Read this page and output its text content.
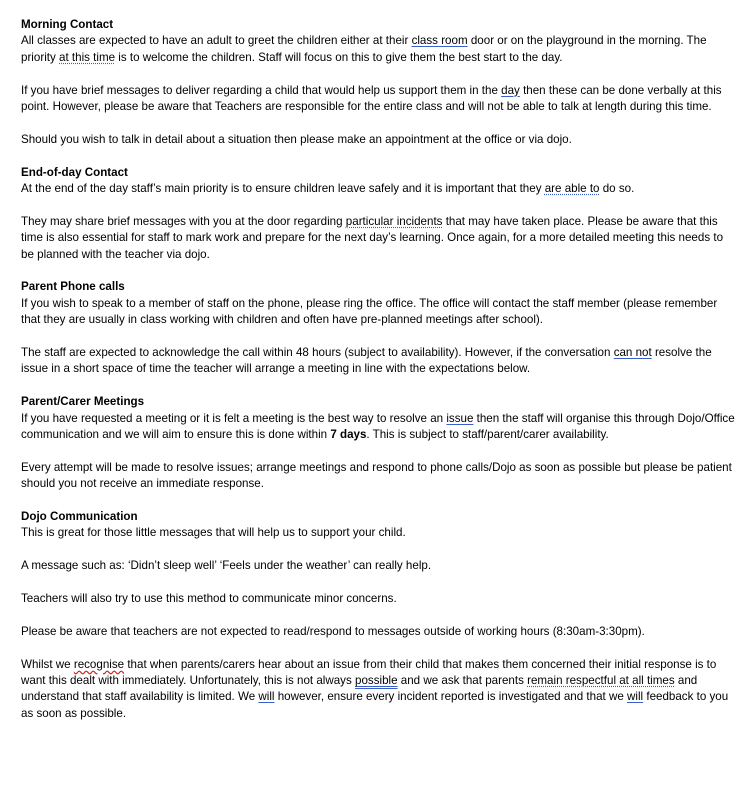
Morning Contact

All classes are expected to have an adult to greet the children either at their class room door or on the playground in the morning. The priority at this time is to welcome the children. Staff will focus on this to give them the best start to the day.

If you have brief messages to deliver regarding a child that would help us support them in the day then these can be done verbally at this point. However, please be aware that Teachers are responsible for the entire class and will not be able to talk at length during this time.

Should you wish to talk in detail about a situation then please make an appointment at the office or via dojo.

End-of-day Contact

At the end of the day staff’s main priority is to ensure children leave safely and it is important that they are able to do so.

They may share brief messages with you at the door regarding particular incidents that may have taken place. Please be aware that this time is also essential for staff to mark work and prepare for the next day’s learning. Once again, for a more detailed meeting this needs to be planned with the teacher via dojo.

Parent Phone calls

If you wish to speak to a member of staff on the phone, please ring the office. The office will contact the staff member (please remember that they are usually in class working with children and often have pre-planned meetings after school).

The staff are expected to acknowledge the call within 48 hours (subject to availability). However, if the conversation can not resolve the issue in a short space of time the teacher will arrange a meeting in line with the expectations below.

Parent/Carer Meetings

If you have requested a meeting or it is felt a meeting is the best way to resolve an issue then the staff will organise this through Dojo/Office communication and we will aim to ensure this is done within 7 days. This is subject to staff/parent/carer availability.

Every attempt will be made to resolve issues; arrange meetings and respond to phone calls/Dojo as soon as possible but please be patient should you not receive an immediate response.

Dojo Communication

This is great for those little messages that will help us to support your child.

A message such as: ‘Didn’t sleep well’ ‘Feels under the weather’ can really help.

Teachers will also try to use this method to communicate minor concerns.

Please be aware that teachers are not expected to read/respond to messages outside of working hours (8:30am-3:30pm).

Whilst we recognise that when parents/carers hear about an issue from their child that makes them concerned their initial response is to want this dealt with immediately. Unfortunately, this is not always possible and we ask that parents remain respectful at all times and understand that staff availability is limited. We will however, ensure every incident reported is investigated and that we will feedback to you as soon as possible.
